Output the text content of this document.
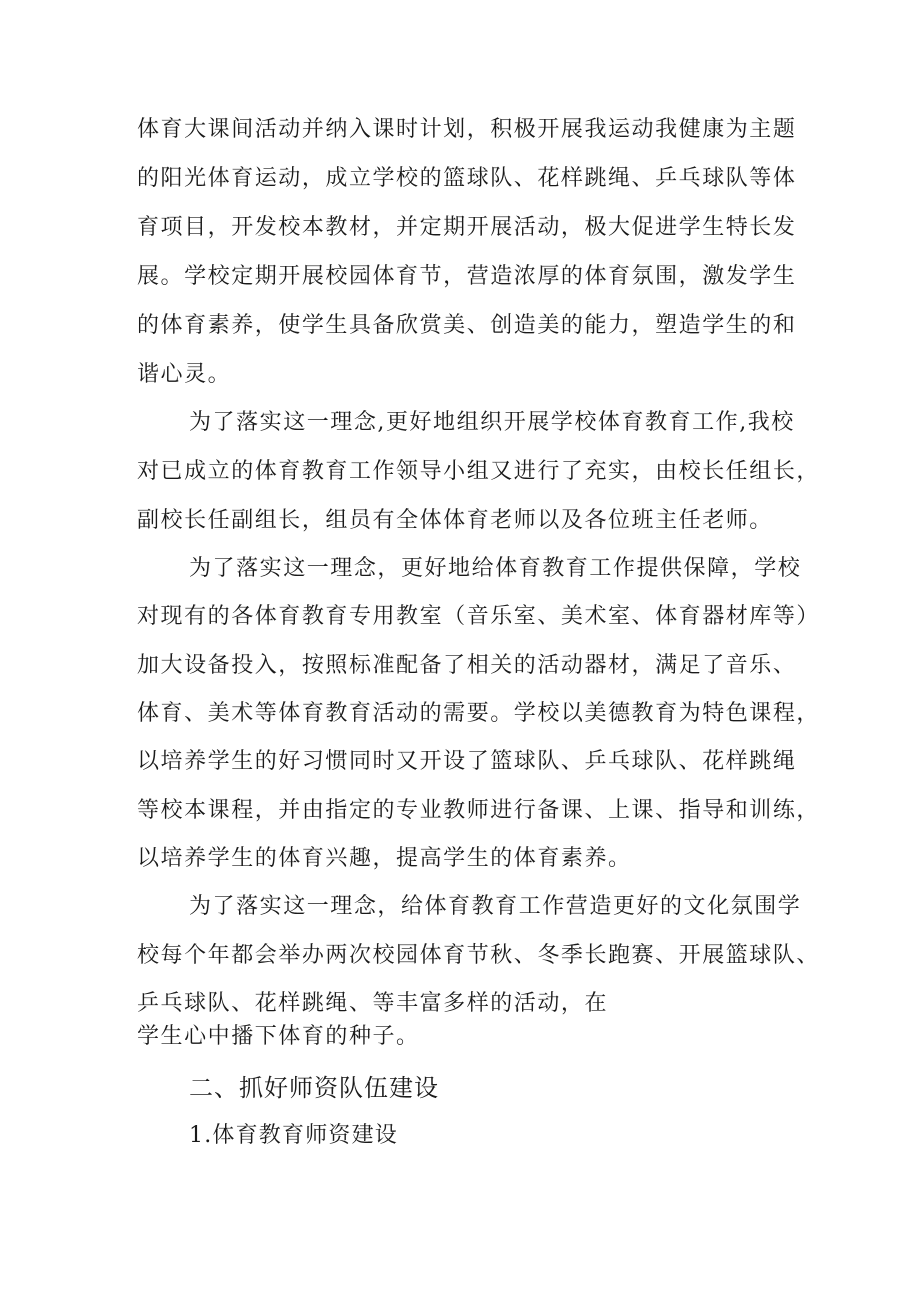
体育大课间活动并纳入课时计划，积极开展我运动我健康为主题
的阳光体育运动，成立学校的篮球队、花样跳绳、乒乓球队等体
育项目，开发校本教材，并定期开展活动，极大促进学生特长发
展。学校定期开展校园体育节，营造浓厚的体育氛围，激发学生
的体育素养，使学生具备欣赏美、创造美的能力，塑造学生的和
谐心灵。
为了落实这一理念,更好地组织开展学校体育教育工作,我校
对已成立的体育教育工作领导小组又进行了充实，由校长任组长，
副校长任副组长，组员有全体体育老师以及各位班主任老师。
为了落实这一理念，更好地给体育教育工作提供保障，学校
对现有的各体育教育专用教室（音乐室、美术室、体育器材库等）
加大设备投入，按照标准配备了相关的活动器材，满足了音乐、
体育、美术等体育教育活动的需要。学校以美德教育为特色课程，
以培养学生的好习惯同时又开设了篮球队、乒乓球队、花样跳绳
等校本课程，并由指定的专业教师进行备课、上课、指导和训练，
以培养学生的体育兴趣，提高学生的体育素养。
为了落实这一理念，给体育教育工作营造更好的文化氛围学
校每个年都会举办两次校园体育节秋、冬季长跑赛、开展篮球队、
乒乓球队、花样跳绳、等丰富多样的活动，在
学生心中播下体育的种子。
二、抓好师资队伍建设
1.体育教育师资建设
